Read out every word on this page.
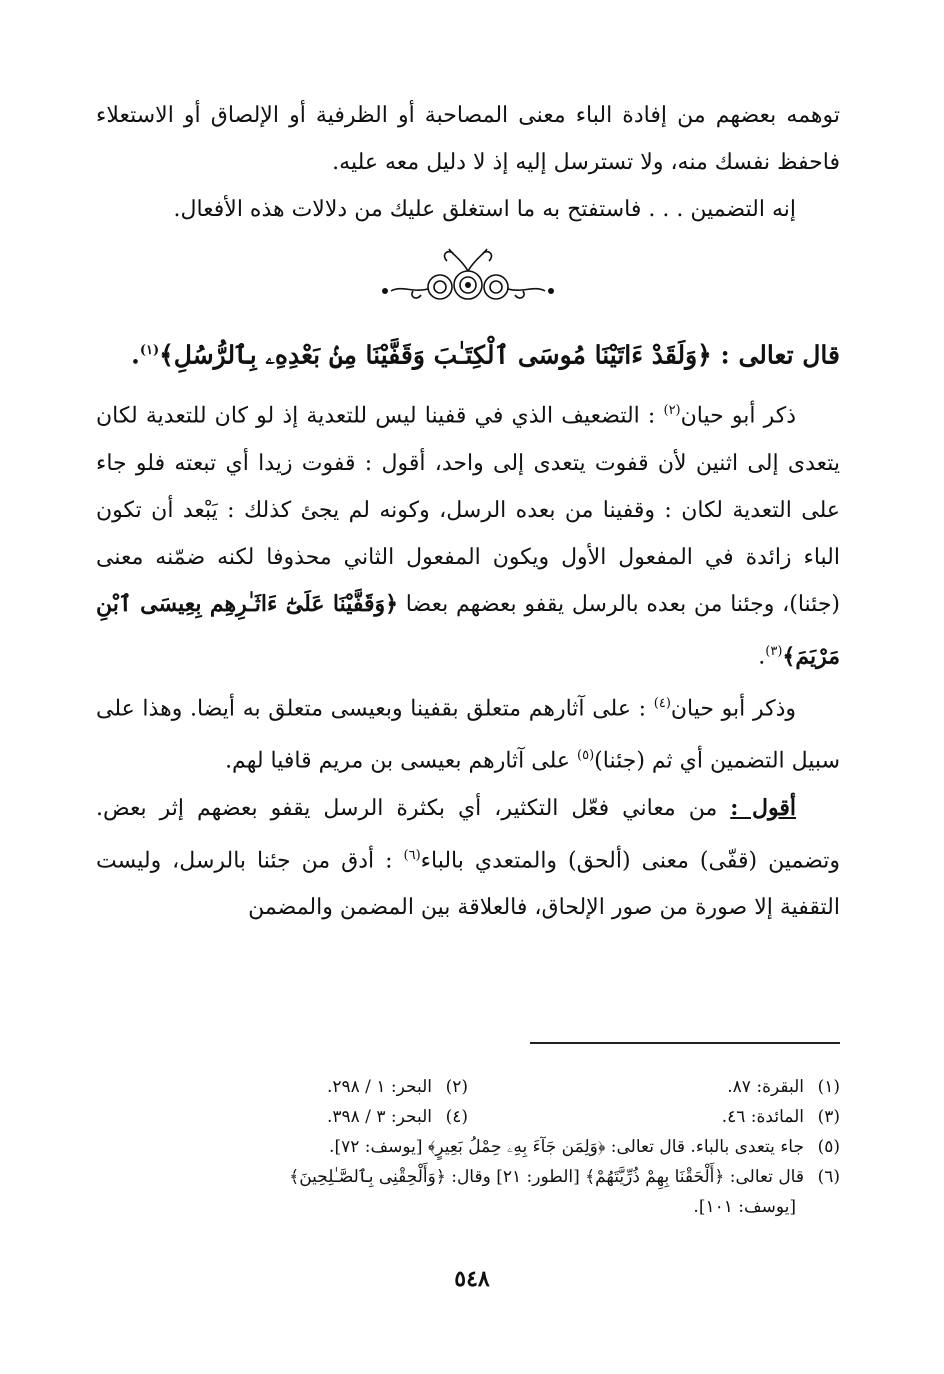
توهمه بعضهم من إفادة الباء معنى المصاحبة أو الظرفية أو الإلصاق أو الاستعلاء فاحفظ نفسك منه، ولا تسترسل إليه إذ لا دليل معه عليه.

إنه التضمين . . . فاستفتح به ما استغلق عليك من دلالات هذه الأفعال.

قال تعالى : ﴿وَلَقَدْ ءَاتَيْنَا مُوسَى ٱلْكِتَـٰبَ وَقَفَّيْنَا مِنۢ بَعْدِهِۦ بِٱلرُّسُلِ﴾$^{(١)}$.

ذكر أبو حيان$^{(٢)}$ : التضعيف الذي في قفينا ليس للتعدية إذ لو كان للتعدية لكان يتعدى إلى اثنين لأن قفوت يتعدى إلى واحد، أقول : قفوت زيدا أي تبعته فلو جاء على التعدية لكان : وقفينا من بعده الرسل، وكونه لم يجئ كذلك : يَبْعد أن تكون الباء زائدة في المفعول الأول ويكون المفعول الثاني محذوفا لكنه ضمّنه معنى (جئنا)، وجئنا من بعده بالرسل يقفو بعضهم بعضا ﴿وَقَفَّيْنَا عَلَىٰٓ ءَاثَـٰرِهِم بِعِيسَى ٱبْنِ مَرْيَمَ﴾$^{(٣)}$.

وذكر أبو حيان$^{(٤)}$ : على آثارهم متعلق بقفينا وبعيسى متعلق به أيضا. وهذا على سبيل التضمين أي ثم (جئنا)$^{(٥)}$ على آثارهم بعيسى بن مريم قافيا لهم.

أقول : من معاني فعّل التكثير، أي بكثرة الرسل يقفو بعضهم إثر بعض. وتضمين (قفّى) معنى (ألحق) والمتعدي بالباء$^{(٦)}$ : أدق من جئنا بالرسل، وليست التقفية إلا صورة من صور الإلحاق، فالعلاقة بين المضمن والمضمن

(١)البقرة: ٨٧.
(٢)البحر: ١ / ٢٩٨.
(٣)المائدة: ٤٦.
(٤)البحر: ٣ / ٣٩٨.
(٥)جاء يتعدى بالباء. قال تعالى: ﴿وَلِمَن جَآءَ بِهِۦ حِمْلُ بَعِيرٍ﴾ [يوسف: ٧٢].
(٦)قال تعالى: ﴿أَلْحَقْنَا بِهِمْ ذُرِّيَّتَهُمْ﴾ [الطور: ٢١] وقال: ﴿وَأَلْحِقْنِى بِٱلصَّـٰلِحِينَ﴾
[يوسف: ١٠١].
٥٤٨
